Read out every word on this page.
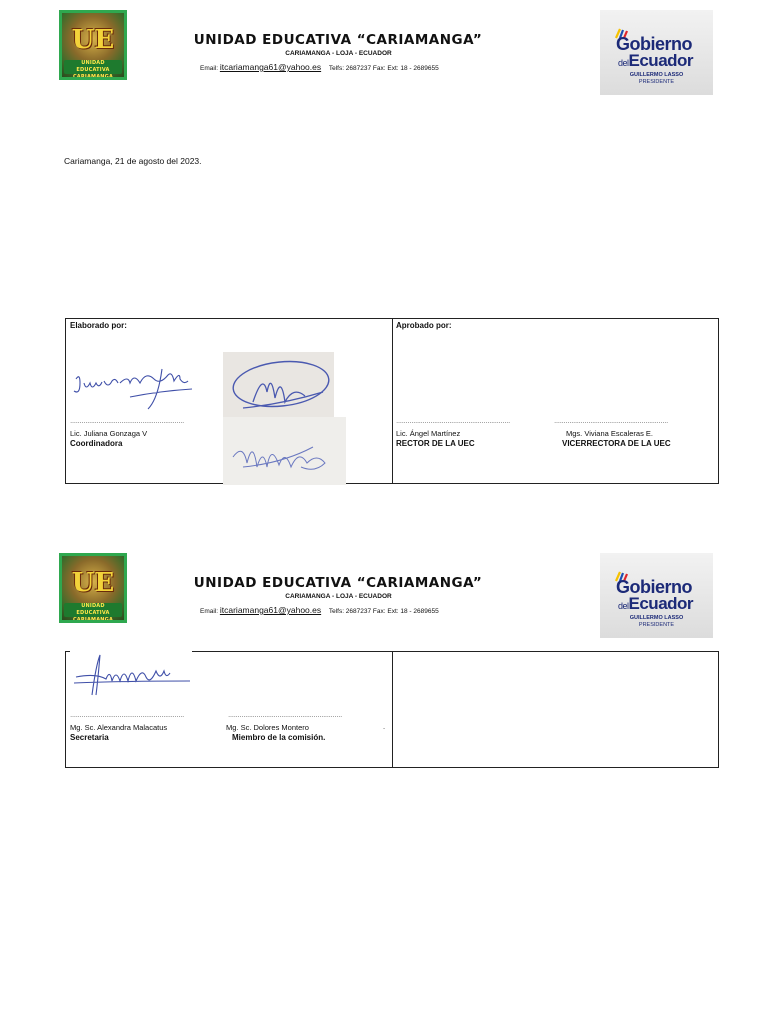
UE
UNIDAD EDUCATIVA CARIAMANGA
UNIDAD EDUCATIVA “CARIAMANGA”
CARIAMANGA - LOJA - ECUADOR
Email: itcariamanga61@yahoo.es Telfs: 2687237 Fax: Ext: 18 - 2689655
Gobierno
delEcuador
GUILLERMO LASSO
PRESIDENTE
Cariamanga, 21 de agosto del 2023.
Elaborado por:	Aprobado por:
……………………………………………………
Lic. Juliana Gonzaga V
Coordinadora
……………………………………………………
Lic. Ángel Martínez
RECTOR DE LA UEC
……………………………………………………
Mgs. Viviana Escaleras E.
VICERRECTORA DE LA UEC
UE
UNIDAD EDUCATIVA CARIAMANGA
UNIDAD EDUCATIVA “CARIAMANGA”
CARIAMANGA - LOJA - ECUADOR
Email: itcariamanga61@yahoo.es Telfs: 2687237 Fax: Ext: 18 - 2689655
Gobierno
delEcuador
GUILLERMO LASSO
PRESIDENTE
……………………………………………………
Mg. Sc. Alexandra Malacatus
Secretaria
……………………………………………………
Mg. Sc. Dolores Montero
Miembro de la comisión.
.
